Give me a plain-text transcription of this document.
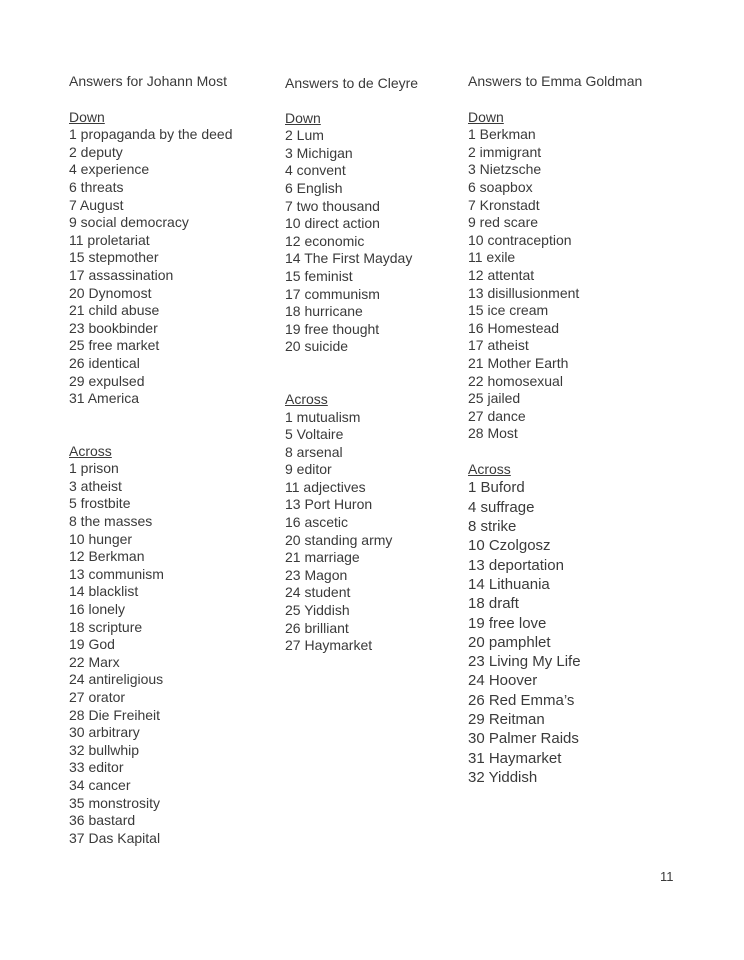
Answers for Johann Most
Down
1 propaganda by the deed
2 deputy
4 experience
6 threats
7 August
9 social democracy
11 proletariat
15 stepmother
17 assassination
20 Dynomost
21 child abuse
23 bookbinder
25 free market
26 identical
29 expulsed
31 America
Across
1 prison
3 atheist
5 frostbite
8 the masses
10 hunger
12 Berkman
13 communism
14 blacklist
16 lonely
18 scripture
19 God
22 Marx
24 antireligious
27 orator
28 Die Freiheit
30 arbitrary
32 bullwhip
33 editor
34 cancer
35 monstrosity
36 bastard
37 Das Kapital
Answers to de Cleyre
Down
2 Lum
3 Michigan
4 convent
6 English
7 two thousand
10 direct action
12 economic
14 The First Mayday
15 feminist
17 communism
18 hurricane
19 free thought
20 suicide
Across
1 mutualism
5 Voltaire
8 arsenal
9 editor
11 adjectives
13 Port Huron
16 ascetic
20 standing army
21 marriage
23 Magon
24 student
25 Yiddish
26 brilliant
27 Haymarket
Answers to Emma Goldman
Down
1 Berkman
2 immigrant
3 Nietzsche
6 soapbox
7 Kronstadt
9 red scare
10 contraception
11 exile
12 attentat
13 disillusionment
15 ice cream
16 Homestead
17 atheist
21 Mother Earth
22 homosexual
25 jailed
27 dance
28 Most
Across
1 Buford
4 suffrage
8 strike
10 Czolgosz
13 deportation
14 Lithuania
18 draft
19 free love
20 pamphlet
23 Living My Life
24 Hoover
26 Red Emma’s
29 Reitman
30 Palmer Raids
31 Haymarket
32 Yiddish
11
